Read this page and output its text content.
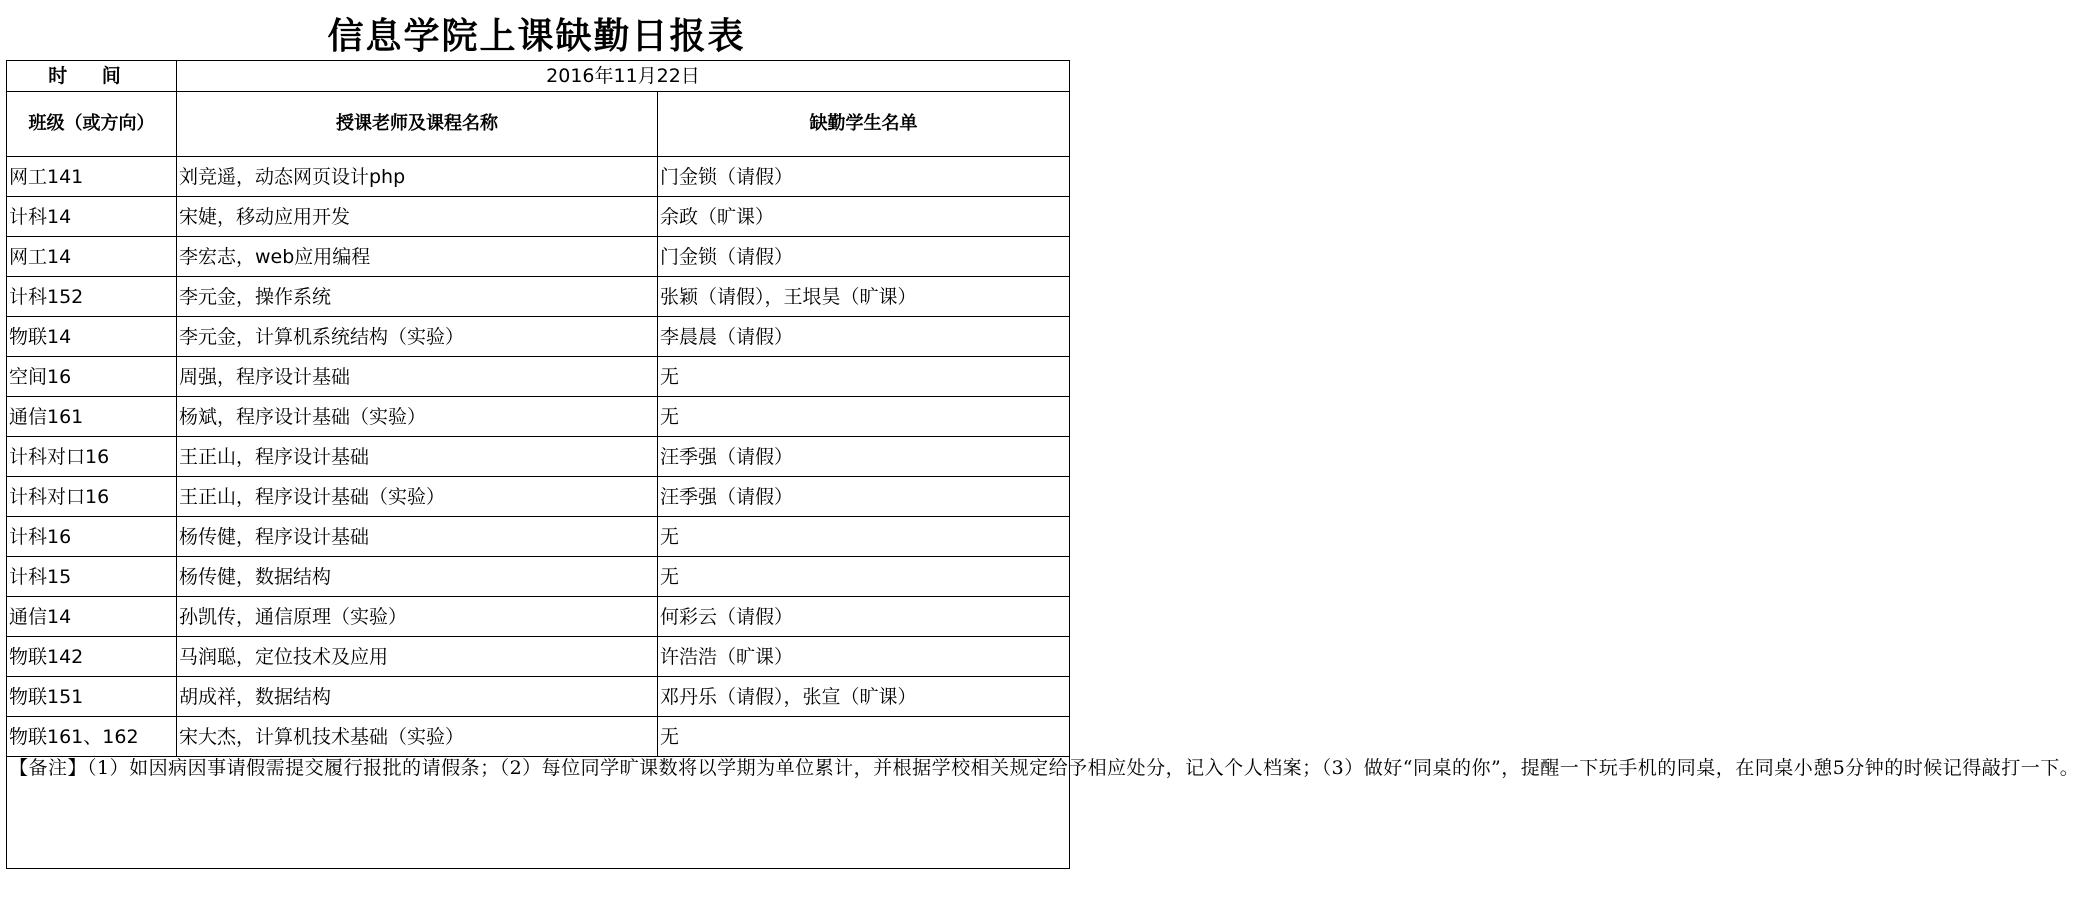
信息学院上课缺勤日报表
时 间	2016年11月22日	
班级（或方向）	授课老师及课程名称	缺勤学生名单
网工141	刘竞遥，动态网页设计php	门金锁（请假）
计科14	宋婕，移动应用开发	余政（旷课）
网工14	李宏志，web应用编程	门金锁（请假）
计科152	李元金，操作系统	张颖（请假），王垠昊（旷课）
物联14	李元金，计算机系统结构（实验）	李晨晨（请假）
空间16	周强，程序设计基础	无
通信161	杨斌，程序设计基础（实验）	无
计科对口16	王正山，程序设计基础	汪季强（请假）
计科对口16	王正山，程序设计基础（实验）	汪季强（请假）
计科16	杨传健，程序设计基础	无
计科15	杨传健，数据结构	无
通信14	孙凯传，通信原理（实验）	何彩云（请假）
物联142	马润聪，定位技术及应用	许浩浩（旷课）
物联151	胡成祥，数据结构	邓丹乐（请假），张宣（旷课）
物联161、162	宋大杰，计算机技术基础（实验）	无
【备注】（1）如因病因事请假需提交履行报批的请假条；（2）每位同学旷课数将以学期为单位累计，并根据学校相关规定给予相应处分，记入个人档案；（3）做好“同桌的你”，提醒一下玩手机的同桌，在同桌小憩5分钟的时候记得敲打一下。		
